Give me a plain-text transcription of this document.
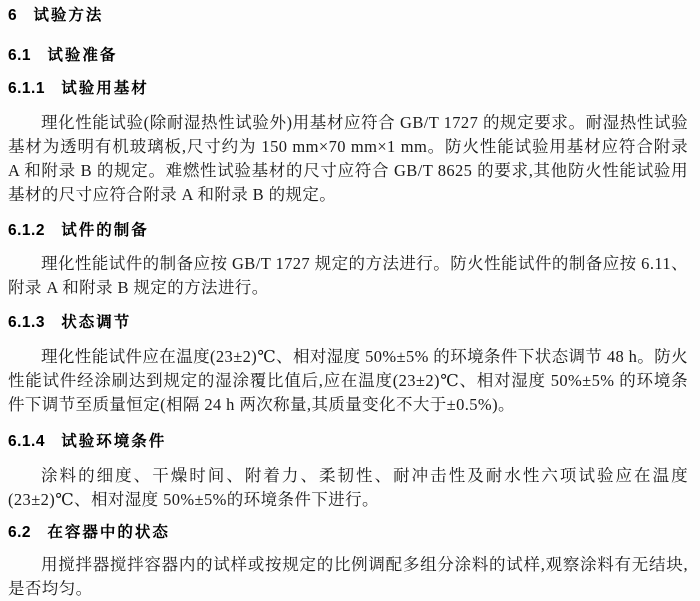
6 试验方法
6.1 试验准备
6.1.1 试验用基材

理化性能试验(除耐湿热性试验外)用基材应符合 GB/T 1727 的规定要求。耐湿热性试验基材为透明有机玻璃板,尺寸约为 150 mm×70 mm×1 mm。防火性能试验用基材应符合附录 A 和附录 B 的规定。难燃性试验基材的尺寸应符合 GB/T 8625 的要求,其他防火性能试验用基材的尺寸应符合附录 A 和附录 B 的规定。

6.1.2 试件的制备

理化性能试件的制备应按 GB/T 1727 规定的方法进行。防火性能试件的制备应按 6.11、附录 A 和附录 B 规定的方法进行。

6.1.3 状态调节

理化性能试件应在温度(23±2)℃、相对湿度 50%±5% 的环境条件下状态调节 48 h。防火性能试件经涂刷达到规定的湿涂覆比值后,应在温度(23±2)℃、相对湿度 50%±5% 的环境条件下调节至质量恒定(相隔 24 h 两次称量,其质量变化不大于±0.5%)。

6.1.4 试验环境条件

涂料的细度、干燥时间、附着力、柔韧性、耐冲击性及耐水性六项试验应在温度(23±2)℃、相对湿度 50%±5%的环境条件下进行。

6.2 在容器中的状态

用搅拌器搅拌容器内的试样或按规定的比例调配多组分涂料的试样,观察涂料有无结块,是否均匀。
